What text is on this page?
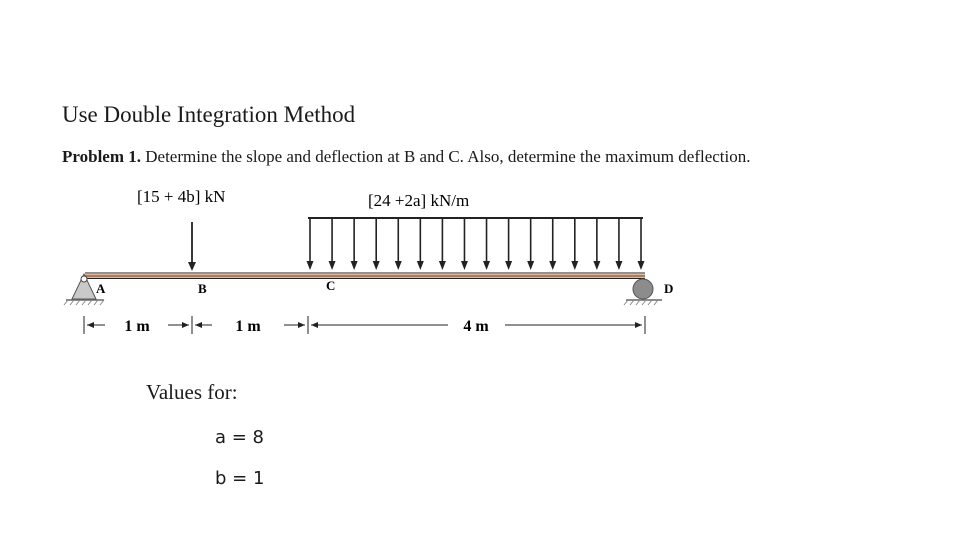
Use Double Integration Method
Problem 1. Determine the slope and deflection at B and C. Also, determine the maximum deflection.
[15 + 4b] kN	[24 +2a] kN/m
A	B	C	D
1 m	1 m	4 m
Values for:
a = 8
b = 1
